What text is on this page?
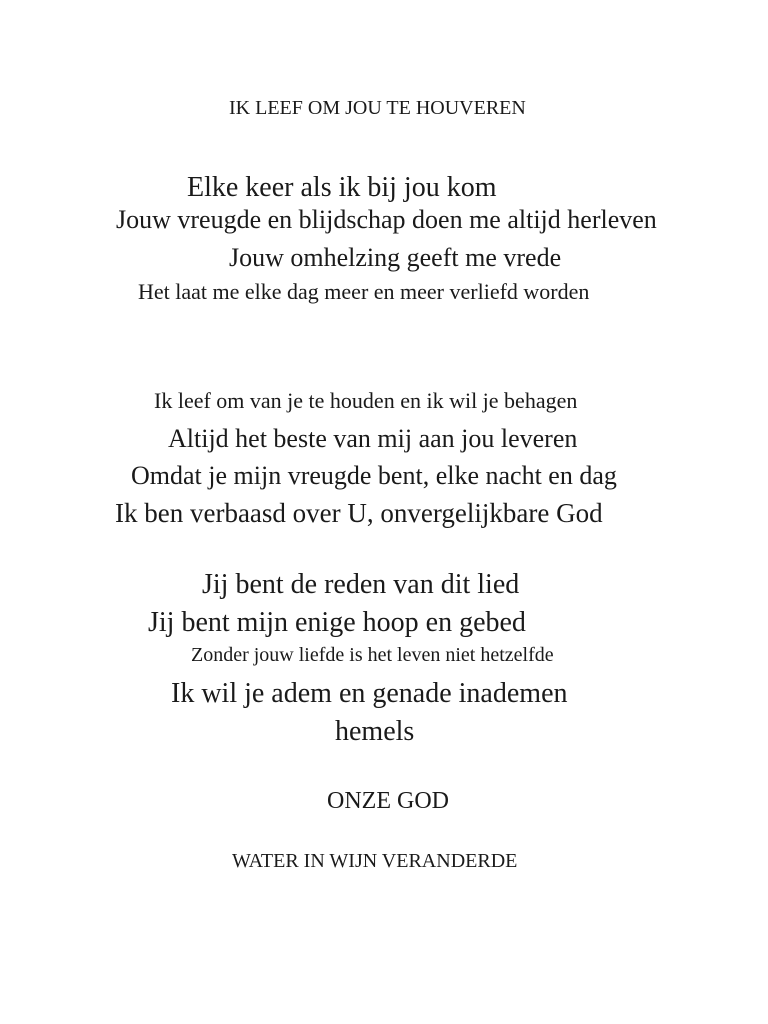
IK LEEF OM JOU TE HOUVEREN
Elke keer als ik bij jou kom
Jouw vreugde en blijdschap doen me altijd herleven
Jouw omhelzing geeft me vrede
Het laat me elke dag meer en meer verliefd worden
Ik leef om van je te houden en ik wil je behagen
Altijd het beste van mij aan jou leveren
Omdat je mijn vreugde bent, elke nacht en dag
Ik ben verbaasd over U, onvergelijkbare God
Jij bent de reden van dit lied
Jij bent mijn enige hoop en gebed
Zonder jouw liefde is het leven niet hetzelfde
Ik wil je adem en genade inademen
hemels
ONZE GOD
WATER IN WIJN VERANDERDE
